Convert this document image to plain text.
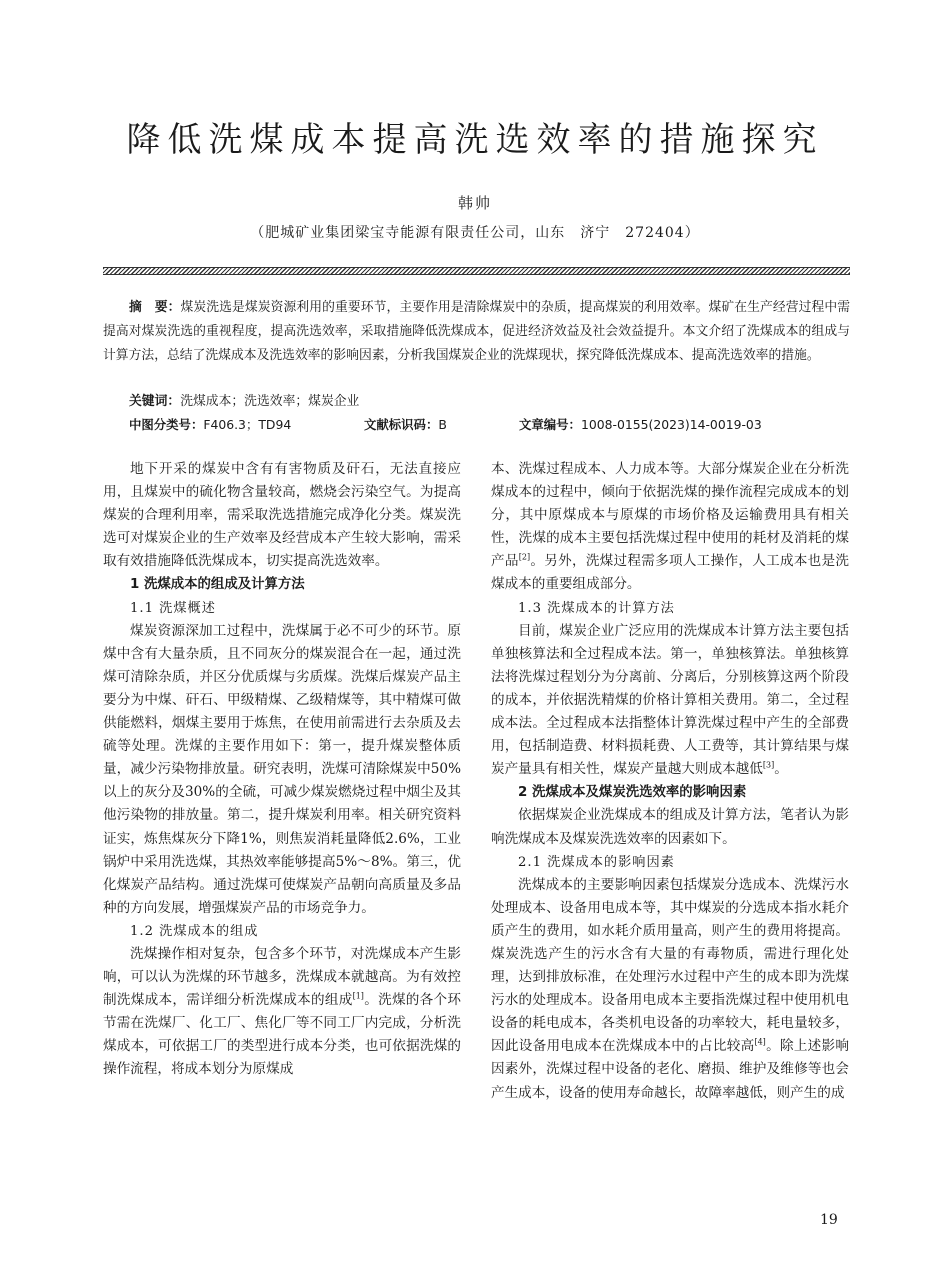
降低洗煤成本提高洗选效率的措施探究

韩帅

（肥城矿业集团梁宝寺能源有限责任公司，山东　济宁　272404）

摘　要：煤炭洗选是煤炭资源利用的重要环节，主要作用是清除煤炭中的杂质，提高煤炭的利用效率。煤矿在生产经营过程中需提高对煤炭洗选的重视程度，提高洗选效率，采取措施降低洗煤成本，促进经济效益及社会效益提升。本文介绍了洗煤成本的组成与计算方法，总结了洗煤成本及洗选效率的影响因素，分析我国煤炭企业的洗煤现状，探究降低洗煤成本、提高洗选效率的措施。

关键词：洗煤成本；洗选效率；煤炭企业

中图分类号：F406.3；TD94	文献标识码：B	文章编号：1008-0155(2023)14-0019-03

地下开采的煤炭中含有有害物质及矸石，无法直接应用，且煤炭中的硫化物含量较高，燃烧会污染空气。为提高煤炭的合理利用率，需采取洗选措施完成净化分类。煤炭洗选可对煤炭企业的生产效率及经营成本产生较大影响，需采取有效措施降低洗煤成本，切实提高洗选效率。

1 洗煤成本的组成及计算方法
1.1 洗煤概述

煤炭资源深加工过程中，洗煤属于必不可少的环节。原煤中含有大量杂质，且不同灰分的煤炭混合在一起，通过洗煤可清除杂质，并区分优质煤与劣质煤。洗煤后煤炭产品主要分为中煤、矸石、甲级精煤、乙级精煤等，其中精煤可做供能燃料，烟煤主要用于炼焦，在使用前需进行去杂质及去硫等处理。洗煤的主要作用如下：第一，提升煤炭整体质量，减少污染物排放量。研究表明，洗煤可清除煤炭中50%以上的灰分及30%的全硫，可减少煤炭燃烧过程中烟尘及其他污染物的排放量。第二，提升煤炭利用率。相关研究资料证实，炼焦煤灰分下降1%，则焦炭消耗量降低2.6%，工业锅炉中采用洗选煤，其热效率能够提高5%～8%。第三，优化煤炭产品结构。通过洗煤可使煤炭产品朝向高质量及多品种的方向发展，增强煤炭产品的市场竞争力。

1.2 洗煤成本的组成

洗煤操作相对复杂，包含多个环节，对洗煤成本产生影响，可以认为洗煤的环节越多，洗煤成本就越高。为有效控制洗煤成本，需详细分析洗煤成本的组成[1]。洗煤的各个环节需在洗煤厂、化工厂、焦化厂等不同工厂内完成，分析洗煤成本，可依据工厂的类型进行成本分类，也可依据洗煤的操作流程，将成本划分为原煤成

本、洗煤过程成本、人力成本等。大部分煤炭企业在分析洗煤成本的过程中，倾向于依据洗煤的操作流程完成成本的划分，其中原煤成本与原煤的市场价格及运输费用具有相关性，洗煤的成本主要包括洗煤过程中使用的耗材及消耗的煤产品[2]。另外，洗煤过程需多项人工操作，人工成本也是洗煤成本的重要组成部分。

1.3 洗煤成本的计算方法

目前，煤炭企业广泛应用的洗煤成本计算方法主要包括单独核算法和全过程成本法。第一，单独核算法。单独核算法将洗煤过程划分为分离前、分离后，分别核算这两个阶段的成本，并依据洗精煤的价格计算相关费用。第二，全过程成本法。全过程成本法指整体计算洗煤过程中产生的全部费用，包括制造费、材料损耗费、人工费等，其计算结果与煤炭产量具有相关性，煤炭产量越大则成本越低[3]。

2 洗煤成本及煤炭洗选效率的影响因素

依据煤炭企业洗煤成本的组成及计算方法，笔者认为影响洗煤成本及煤炭洗选效率的因素如下。

2.1 洗煤成本的影响因素

洗煤成本的主要影响因素包括煤炭分选成本、洗煤污水处理成本、设备用电成本等，其中煤炭的分选成本指水耗介质产生的费用，如水耗介质用量高，则产生的费用将提高。煤炭洗选产生的污水含有大量的有毒物质，需进行理化处理，达到排放标准，在处理污水过程中产生的成本即为洗煤污水的处理成本。设备用电成本主要指洗煤过程中使用机电设备的耗电成本，各类机电设备的功率较大，耗电量较多，因此设备用电成本在洗煤成本中的占比较高[4]。除上述影响因素外，洗煤过程中设备的老化、磨损、维护及维修等也会产生成本，设备的使用寿命越长，故障率越低，则产生的成

19
